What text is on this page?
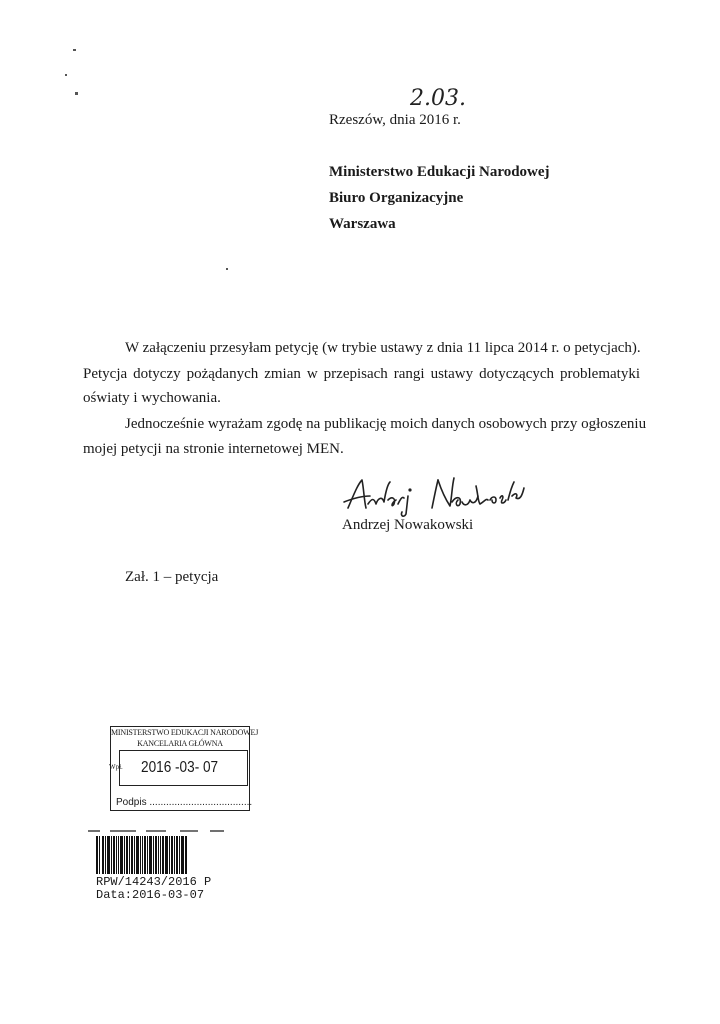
2.03.
Rzeszów, dnia 2016 r.
Ministerstwo Edukacji Narodowej
Biuro Organizacyjne
Warszawa
W załączeniu przesyłam petycję (w trybie ustawy z dnia 11 lipca 2014 r. o petycjach).
Petycja dotyczy pożądanych zmian w przepisach rangi ustawy dotyczących problematyki
oświaty i wychowania.
Jednocześnie wyrażam zgodę na publikację moich danych osobowych przy ogłoszeniu
mojej petycji na stronie internetowej MEN.
Andrzej Nowakowski
Zał. 1 – petycja
MINISTERSTWO EDUKACJI NARODOWEJ
KANCELARIA GŁÓWNA
Wpł. 2016 -03- 07
Podpis .....................................
RPW/14243/2016 P
Data:2016-03-07
